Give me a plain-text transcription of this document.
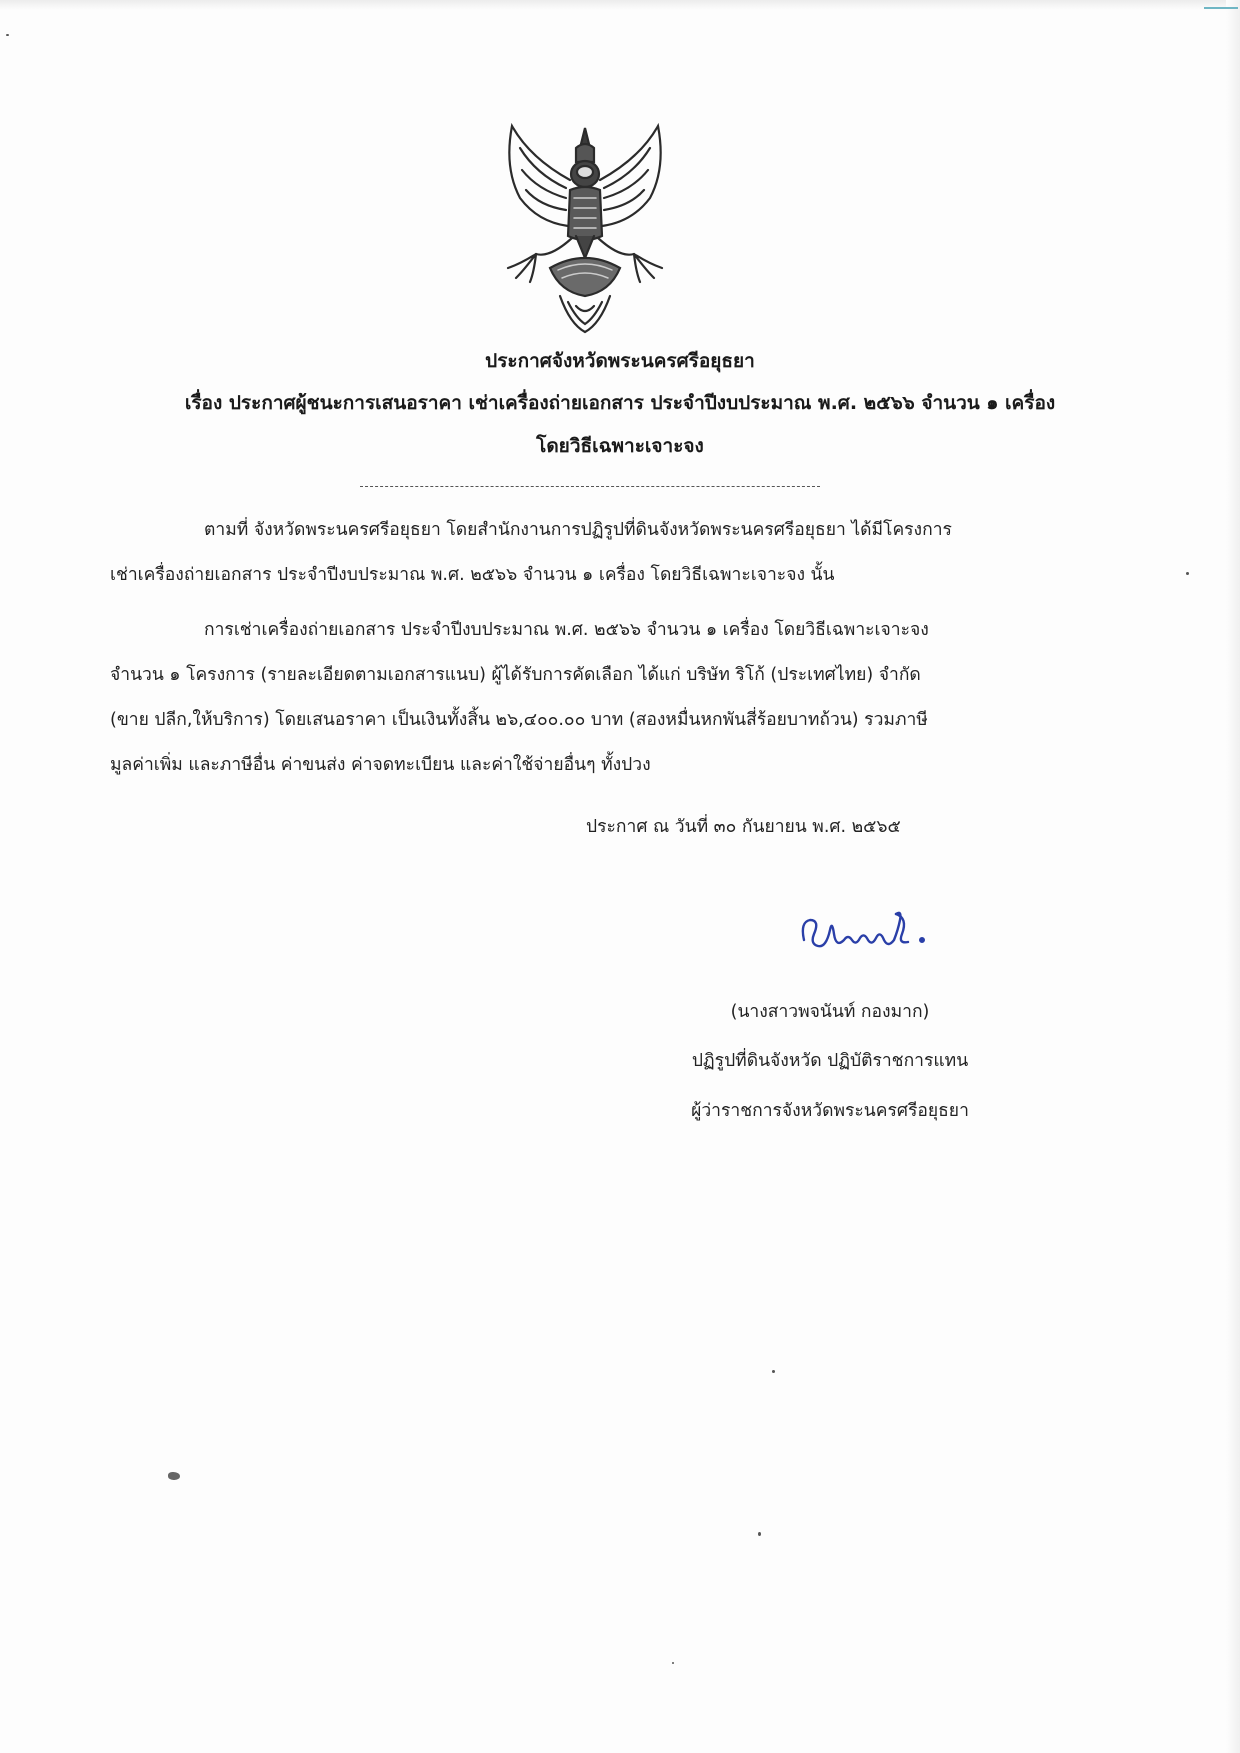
ประกาศจังหวัดพระนครศรีอยุธยา
เรื่อง ประกาศผู้ชนะการเสนอราคา เช่าเครื่องถ่ายเอกสาร ประจำปีงบประมาณ พ.ศ. ๒๕๖๖ จำนวน ๑ เครื่อง
โดยวิธีเฉพาะเจาะจง
ตามที่ จังหวัดพระนครศรีอยุธยา โดยสำนักงานการปฏิรูปที่ดินจังหวัดพระนครศรีอยุธยา ได้มีโครงการ
เช่าเครื่องถ่ายเอกสาร ประจำปีงบประมาณ พ.ศ. ๒๕๖๖ จำนวน ๑ เครื่อง โดยวิธีเฉพาะเจาะจง นั้น
การเช่าเครื่องถ่ายเอกสาร ประจำปีงบประมาณ พ.ศ. ๒๕๖๖ จำนวน ๑ เครื่อง โดยวิธีเฉพาะเจาะจง
จำนวน ๑ โครงการ (รายละเอียดตามเอกสารแนบ) ผู้ได้รับการคัดเลือก ได้แก่ บริษัท ริโก้ (ประเทศไทย) จำกัด
(ขาย ปลีก,ให้บริการ) โดยเสนอราคา เป็นเงินทั้งสิ้น ๒๖,๔๐๐.๐๐ บาท (สองหมื่นหกพันสี่ร้อยบาทถ้วน) รวมภาษี
มูลค่าเพิ่ม และภาษีอื่น ค่าขนส่ง ค่าจดทะเบียน และค่าใช้จ่ายอื่นๆ ทั้งปวง
ประกาศ ณ วันที่ ๓๐ กันยายน พ.ศ. ๒๕๖๕
(นางสาวพจนันท์ กองมาก)
ปฏิรูปที่ดินจังหวัด ปฏิบัติราชการแทน
ผู้ว่าราชการจังหวัดพระนครศรีอยุธยา
